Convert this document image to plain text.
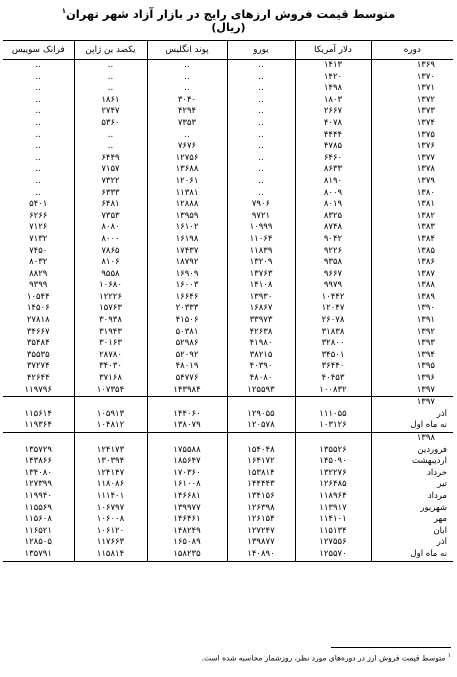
متوسط قیمت فروش ارزهای رایج در بازار آزاد شهر تهران$^۱$
(ریال)
دوره	دلار آمریکا	یورو	پوند انگلیس	یکصد ین ژاپن	فرانک سوییس
۱۳۶۹	۱۴۱۳	..	..	..	..
۱۳۷۰	۱۴۲۰	..	..	..	..
۱۳۷۱	۱۴۹۸	..	..	..	..
۱۳۷۲	۱۸۰۳	..	۳۰۴۰	۱۸۶۱	..
۱۳۷۳	۲۶۶۷	..	۴۲۹۴	۲۷۴۷	..
۱۳۷۴	۴۰۷۸	..	۷۳۵۳	۵۳۶۰	..
۱۳۷۵	۴۴۴۴	..	..	..	..
۱۳۷۶	۴۷۸۵	..	۷۶۷۶	..	..
۱۳۷۷	۶۴۶۰	..	۱۲۷۵۶	۶۴۴۹	..
۱۳۷۸	۸۶۳۳	..	۱۳۶۸۸	۷۱۵۷	..
۱۳۷۹	۸۱۹۰	..	۱۲۰۶۱	۷۳۲۲	..
۱۳۸۰	۸۰۰۹	..	۱۱۳۸۱	۶۳۳۳	..
۱۳۸۱	۸۰۱۹	۷۹۰۶	۱۲۸۸۸	۶۴۸۱	۵۴۰۱
۱۳۸۲	۸۳۲۵	۹۷۲۱	۱۳۹۵۹	۷۳۵۳	۶۲۶۶
۱۳۸۳	۸۷۴۸	۱۰۹۹۹	۱۶۱۰۲	۸۰۸۰	۷۱۲۶
۱۳۸۴	۹۰۴۲	۱۱۰۶۴	۱۶۱۹۸	۸۰۰۰	۷۱۳۲
۱۳۸۵	۹۲۲۶	۱۱۸۳۹	۱۷۴۳۷	۷۸۶۵	۷۴۵۰
۱۳۸۶	۹۳۵۸	۱۳۲۰۹	۱۸۷۹۲	۸۱۰۶	۸۰۳۲
۱۳۸۷	۹۶۶۷	۱۳۷۶۳	۱۶۹۰۹	۹۵۵۸	۸۸۲۹
۱۳۸۸	۹۹۷۹	۱۴۱۰۸	۱۶۰۰۳	۱۰۶۸۰	۹۳۹۹
۱۳۸۹	۱۰۴۴۲	۱۳۹۳۰	۱۶۶۴۶	۱۲۲۲۶	۱۰۵۴۴
۱۳۹۰	۱۲۰۴۷	۱۶۸۶۷	۲۰۳۳۳	۱۵۷۶۳	۱۴۵۰۶
۱۳۹۱	۲۶۰۷۸	۳۳۹۷۳	۴۱۵۰۶	۳۰۹۳۸	۲۷۸۱۸
۱۳۹۲	۳۱۸۳۸	۴۲۶۳۸	۵۰۳۸۱	۳۱۹۴۳	۳۴۶۶۷
۱۳۹۳	۳۲۸۰۰	۴۱۹۸۰	۵۲۹۸۶	۳۰۱۶۳	۳۵۴۸۴
۱۳۹۴	۳۴۵۰۱	۳۸۲۱۵	۵۲۰۹۲	۲۸۷۸۰	۳۵۵۳۵
۱۳۹۵	۳۶۴۴۰	۴۰۳۹۰	۴۸۰۱۹	۳۴۰۳۰	۳۷۲۷۴
۱۳۹۶	۴۰۴۵۳	۴۸۰۸۰	۵۴۷۷۶	۳۷۱۶۸	۴۲۶۴۴
۱۳۹۷	۱۰۰۸۳۲	۱۲۵۵۹۳	۱۴۳۹۸۴	۱۰۷۳۵۴	۱۱۹۷۹۶
۱۳۹۷					
آذر	۱۱۱۰۵۵	۱۲۹۰۵۵	۱۴۴۰۶۰	۱۰۵۹۱۳	۱۱۵۶۱۴
نه ماه اول	۱۰۳۱۲۶	۱۲۰۵۷۸	۱۳۸۰۷۹	۱۰۴۸۱۲	۱۱۹۳۶۴
۱۳۹۸					
فروردین	۱۳۵۵۲۶	۱۵۴۰۴۸	۱۷۵۵۸۸	۱۲۴۱۷۳	۱۳۵۷۲۹
اردیبهشت	۱۴۵۰۹۰	۱۶۴۱۷۲	۱۸۵۶۴۷	۱۳۰۳۹۴	۱۴۳۸۶۶
خرداد	۱۳۲۲۷۶	۱۵۳۸۱۴	۱۷۰۳۶۰	۱۲۴۱۴۷	۱۳۴۰۸۰
تیر	۱۲۶۴۸۵	۱۴۴۴۴۳	۱۶۱۰۰۸	۱۱۸۰۸۶	۱۲۷۳۹۹
مرداد	۱۱۸۹۶۴	۱۳۴۱۵۶	۱۴۶۶۸۱	۱۱۱۴۰۱	۱۱۹۹۴۰
شهریور	۱۱۳۹۱۷	۱۲۶۳۹۸	۱۳۹۹۷۷	۱۰۶۷۹۷	۱۱۵۵۶۹
مهر	۱۱۴۱۰۱	۱۲۶۱۵۴	۱۴۶۴۶۱	۱۰۶۰۰۸	۱۱۵۶۰۸
آبان	۱۱۵۱۳۴	۱۲۷۲۴۷	۱۴۸۲۴۹	۱۰۶۱۲۰	۱۱۶۵۲۱
آذر	۱۲۷۵۵۶	۱۳۹۸۷۷	۱۶۵۰۸۹	۱۱۷۶۶۳	۱۲۸۵۰۵
نه ماه اول	۱۲۵۵۷۰	۱۴۰۸۹۰	۱۵۸۲۳۵	۱۱۵۸۱۴	۱۳۵۷۹۱
$^۱$ متوسط قیمت فروش ارز در دوره‌های مورد نظر، روزشمار محاسبه شده است.
